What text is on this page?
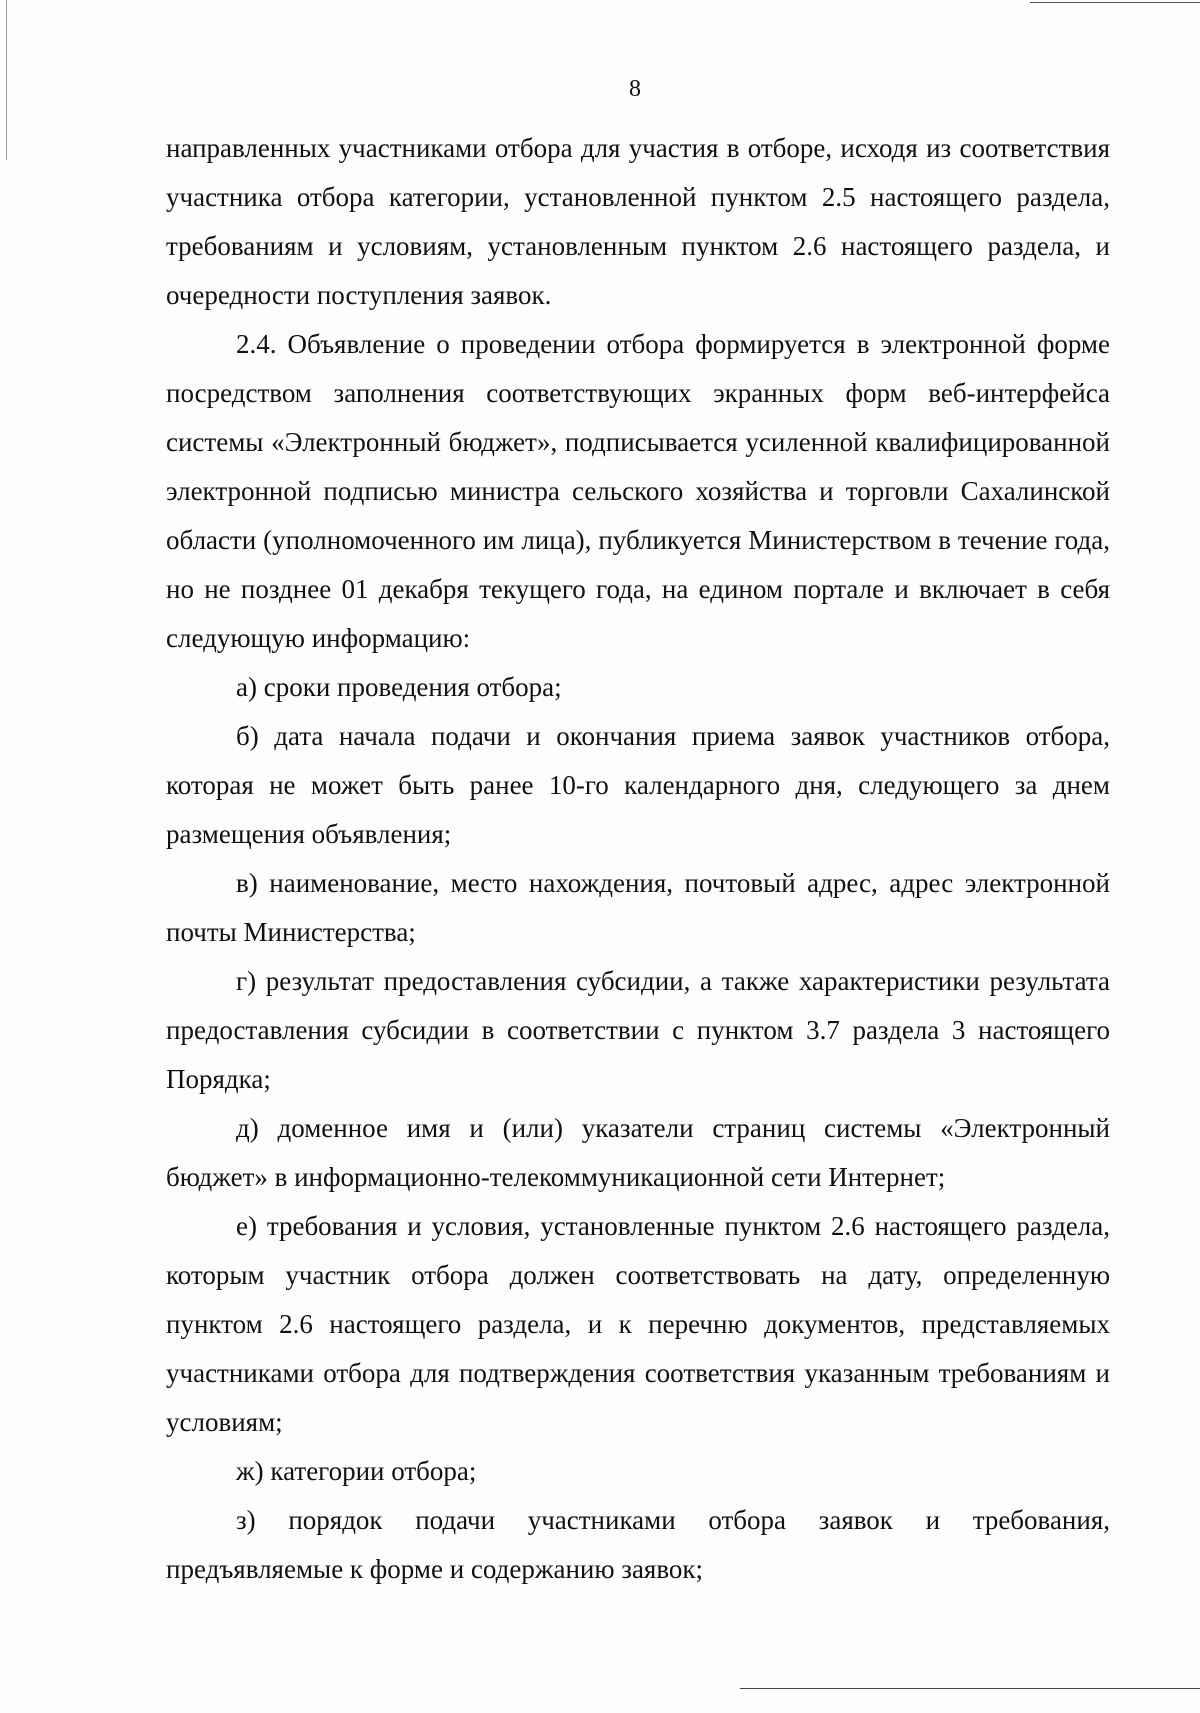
8

направленных участниками отбора для участия в отборе, исходя из соответствия участника отбора категории, установленной пунктом 2.5 настоящего раздела, требованиям и условиям, установленным пунктом 2.6 настоящего раздела, и очередности поступления заявок.

2.4. Объявление о проведении отбора формируется в электронной форме посредством заполнения соответствующих экранных форм веб-интерфейса системы «Электронный бюджет», подписывается усиленной квалифицированной электронной подписью министра сельского хозяйства и торговли Сахалинской области (уполномоченного им лица), публикуется Министерством в течение года, но не позднее 01 декабря текущего года, на едином портале и включает в себя следующую информацию:

а) сроки проведения отбора;

б) дата начала подачи и окончания приема заявок участников отбора, которая не может быть ранее 10-го календарного дня, следующего за днем размещения объявления;

в) наименование, место нахождения, почтовый адрес, адрес электронной почты Министерства;

г) результат предоставления субсидии, а также характеристики результата предоставления субсидии в соответствии с пунктом 3.7 раздела 3 настоящего Порядка;

д) доменное имя и (или) указатели страниц системы «Электронный бюджет» в информационно-телекоммуникационной сети Интернет;

е) требования и условия, установленные пунктом 2.6 настоящего раздела, которым участник отбора должен соответствовать на дату, определенную пунктом 2.6 настоящего раздела, и к перечню документов, представляемых участниками отбора для подтверждения соответствия указанным требованиям и условиям;

ж) категории отбора;

з) порядок подачи участниками отбора заявок и требования, предъявляемые к форме и содержанию заявок;
